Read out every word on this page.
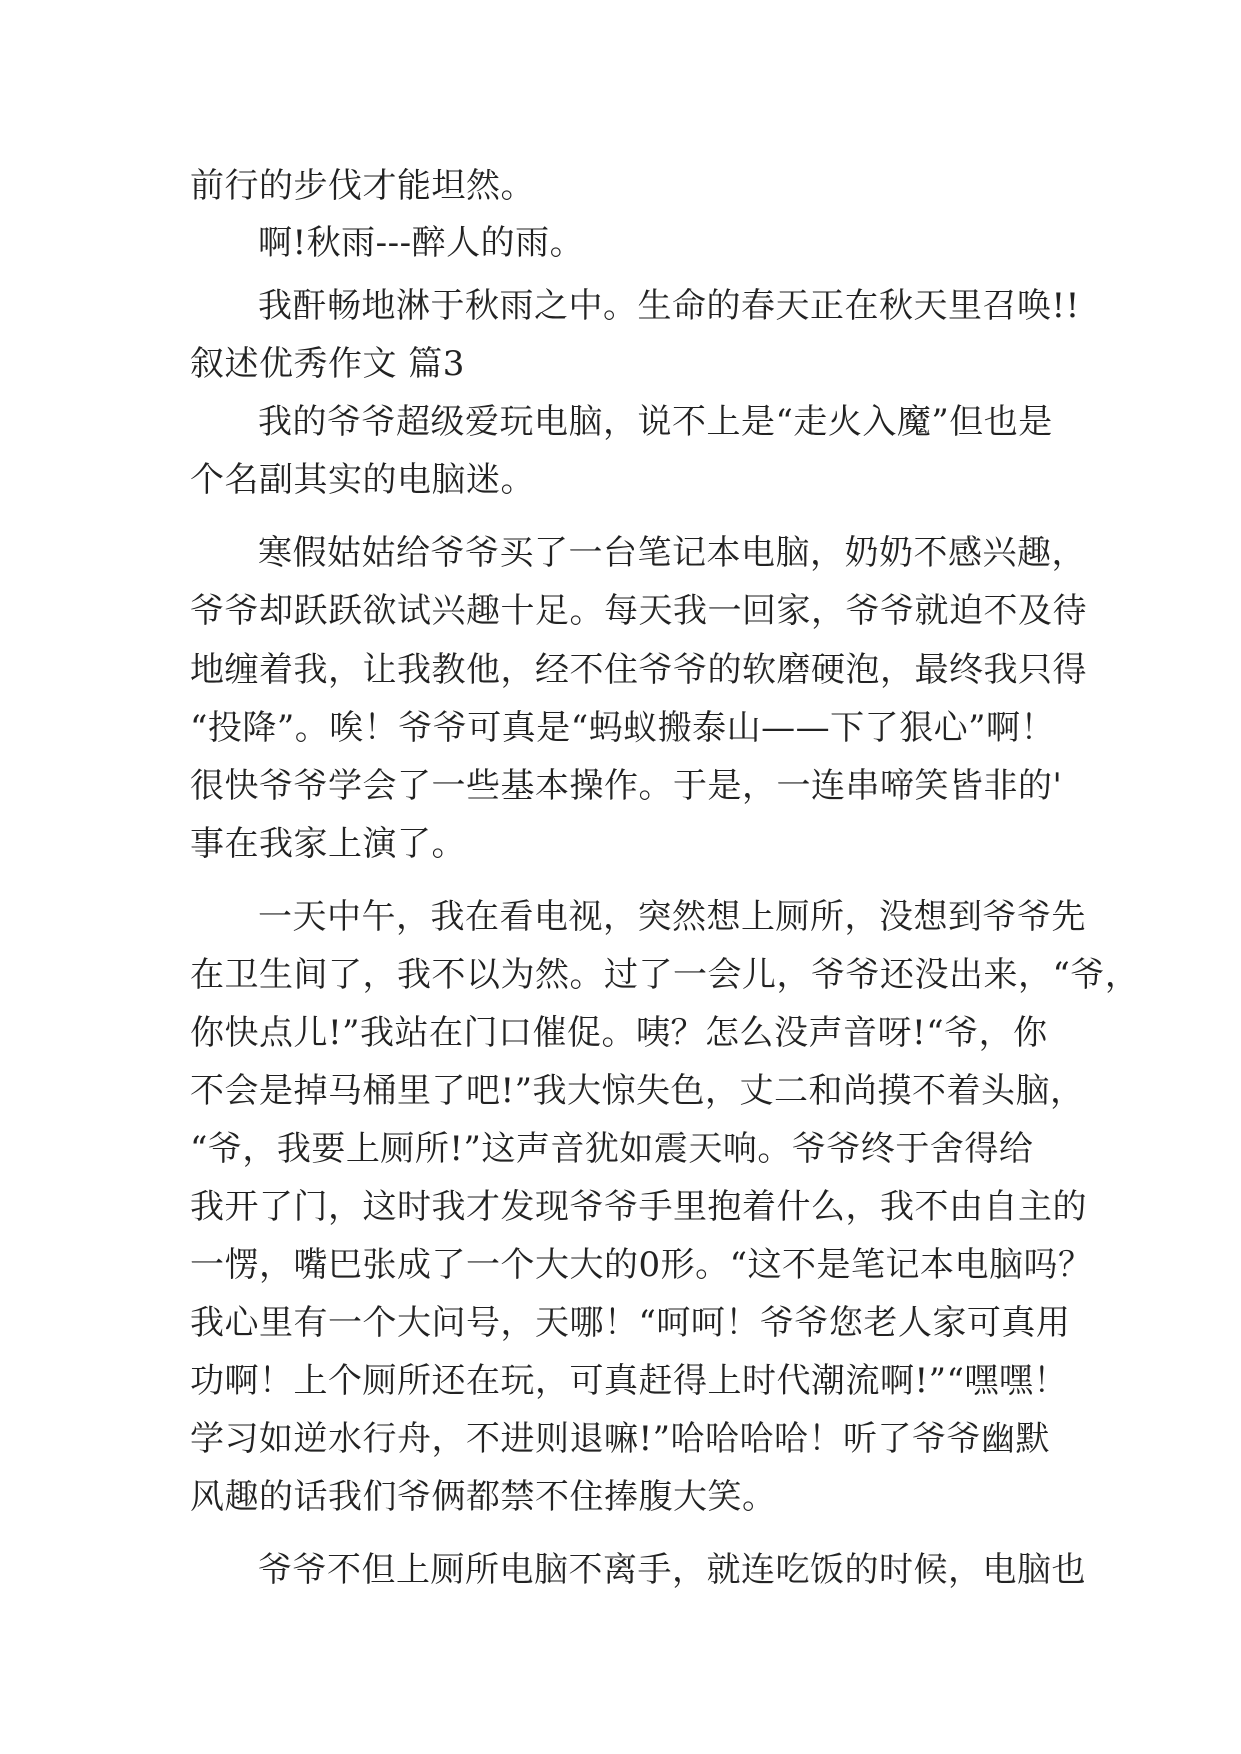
前行的步伐才能坦然。
啊!秋雨---醉人的雨。
我酐畅地淋于秋雨之中。生命的春天正在秋天里召唤!!
叙述优秀作文 篇3
我的爷爷超级爱玩电脑，说不上是“走火入魔”但也是
个名副其实的电脑迷。
寒假姑姑给爷爷买了一台笔记本电脑，奶奶不感兴趣，
爷爷却跃跃欲试兴趣十足。每天我一回家，爷爷就迫不及待
地缠着我，让我教他，经不住爷爷的软磨硬泡，最终我只得
“投降”。唉！爷爷可真是“蚂蚁搬泰山——下了狠心”啊！
很快爷爷学会了一些基本操作。于是，一连串啼笑皆非的'
事在我家上演了。
一天中午，我在看电视，突然想上厕所，没想到爷爷先
在卫生间了，我不以为然。过了一会儿，爷爷还没出来，“爷，
你快点儿!”我站在门口催促。咦？怎么没声音呀!“爷，你
不会是掉马桶里了吧!”我大惊失色，丈二和尚摸不着头脑，
“爷，我要上厕所!”这声音犹如震天响。爷爷终于舍得给
我开了门，这时我才发现爷爷手里抱着什么，我不由自主的
一愣，嘴巴张成了一个大大的0形。“这不是笔记本电脑吗？
我心里有一个大问号，天哪！“呵呵！爷爷您老人家可真用
功啊！上个厕所还在玩，可真赶得上时代潮流啊!”“嘿嘿！
学习如逆水行舟，不进则退嘛!”哈哈哈哈！听了爷爷幽默
风趣的话我们爷俩都禁不住捧腹大笑。
爷爷不但上厕所电脑不离手，就连吃饭的时候，电脑也
